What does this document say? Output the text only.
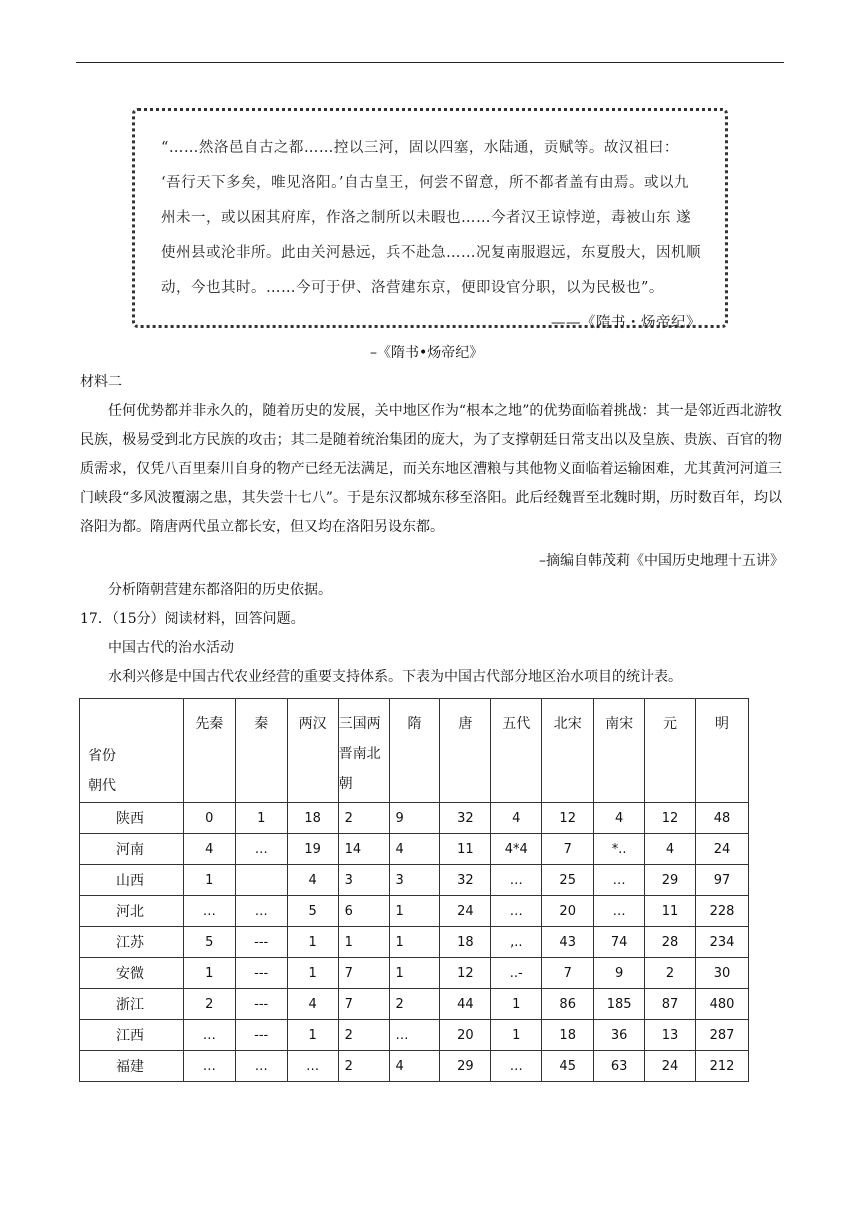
“……然洛邑自古之都……控以三河，固以四塞，水陆通，贡赋等。故汉祖曰：

‘吾行天下多矣，唯见洛阳。’自古皇王，何尝不留意，所不都者盖有由焉。或以九

州未一，或以困其府库，作洛之制所以未暇也……今者汉王谅悖逆，毒被山东 遂

使州县或沦非所。此由关河悬远，兵不赴急……况复南服遐远，东夏殷大，因机顺

动，今也其时。……今可于伊、洛营建东京，便即设官分职，以为民极也”。

——《隋书・炀帝纪》

–《隋书•炀帝纪》
材料二
任何优势都并非永久的，随着历史的发展，关中地区作为“根本之地”的优势面临着挑战：其一是邻近西北游牧民族，极易受到北方民族的攻击；其二是随着统治集团的庞大，为了支撑朝廷日常支出以及皇族、贵族、百官的物质需求，仅凭八百里秦川自身的物产已经无法满足，而关东地区漕粮与其他物义面临着运输困难，尤其黄河河道三门峡段“多风波覆溺之患，其失尝十七八”。于是东汉都城东移至洛阳。此后经魏晋至北魏时期，历时数百年，均以洛阳为都。隋唐两代虽立都长安，但又均在洛阳另设东都。
–摘编自韩茂莉《中国历史地理十五讲》
分析隋朝营建东都洛阳的历史依据。
17．（15分）阅读材料，回答问题。
中国古代的治水活动
水利兴修是中国古代农业经营的重要支持体系。下表为中国古代部分地区治水项目的统计表。
省份
朝代	先秦	秦	两汉	三国两晋南北朝	隋	唐	五代	北宋	南宋	元	明
陕西	0	1	18	2	9	32	4	12	4	12	48
河南	4	…	19	14	4	11	4*4	7	*..	4	24
山西	1		4	3	3	32	…	25	…	29	97
河北	…	…	5	6	1	24	…	20	…	11	228
江苏	5	---	1	1	1	18	,..	43	74	28	234
安微	1	---	1	7	1	12	..-	7	9	2	30
浙江	2	---	4	7	2	44	1	86	185	87	480
江西	…	---	1	2	…	20	1	18	36	13	287
福建	…	…	…	2	4	29	…	45	63	24	212
